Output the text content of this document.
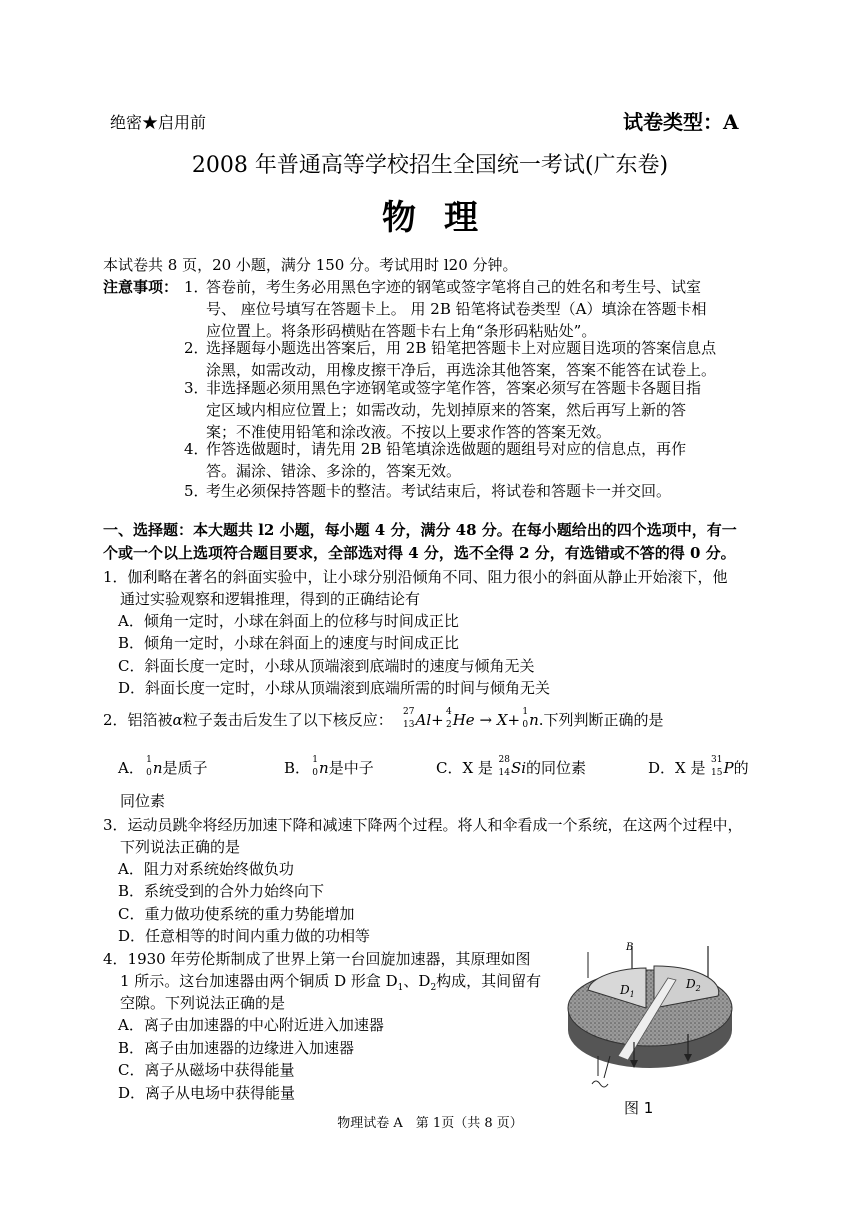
绝密★启用前	试卷类型：A
2008 年普通高等学校招生全国统一考试(广东卷)
物理
本试卷共 8 页，20 小题，满分 150 分。考试用时 l20 分钟。
注意事项： 1．答卷前，考生务必用黑色字迹的钢笔或签字笔将自己的姓名和考生号、试室
号、 座位号填写在答题卡上。 用 2B 铅笔将试卷类型（A）填涂在答题卡相
应位置上。将条形码横贴在答题卡右上角“条形码粘贴处”。
2．选择题每小题选出答案后，用 2B 铅笔把答题卡上对应题目选项的答案信息点
涂黑，如需改动，用橡皮擦干净后，再选涂其他答案，答案不能答在试卷上。
3．非选择题必须用黑色字迹钢笔或签字笔作答，答案必须写在答题卡各题目指
定区域内相应位置上；如需改动，先划掉原来的答案，然后再写上新的答
案；不准使用铅笔和涂改液。不按以上要求作答的答案无效。
4．作答选做题时，请先用 2B 铅笔填涂选做题的题组号对应的信息点，再作
答。漏涂、错涂、多涂的，答案无效。
5．考生必须保持答题卡的整洁。考试结束后，将试卷和答题卡一并交回。
一、选择题：本大题共 l2 小题，每小题 4 分，满分 48 分。在每小题给出的四个选项中，有一
个或一个以上选项符合题目要求，全部选对得 4 分，选不全得 2 分，有选错或不答的得 0 分。
1．伽利略在著名的斜面实验中，让小球分别沿倾角不同、阻力很小的斜面从静止开始滚下，他
通过实验观察和逻辑推理，得到的正确结论有
A．倾角一定时，小球在斜面上的位移与时间成正比
B．倾角一定时，小球在斜面上的速度与时间成正比
C．斜面长度一定时，小球从顶端滚到底端时的速度与倾角无关
D．斜面长度一定时，小球从顶端滚到底端所需的时间与倾角无关
2．铝箔被α粒子轰击后发生了以下核反应： 27
13 Al+ 4
2 He → X+ 1
0 n.下列判断正确的是
A． 1
0 n是质子	B． 1
0 n是中子	C．X 是 28
14 Si的同位素	D．X 是 31
15 P的
同位素
3．运动员跳伞将经历加速下降和减速下降两个过程。将人和伞看成一个系统，在这两个过程中，
下列说法正确的是
A．阻力对系统始终做负功
B．系统受到的合外力始终向下
C．重力做功使系统的重力势能增加
D．任意相等的时间内重力做的功相等
4．1930 年劳伦斯制成了世界上第一台回旋加速器，其原理如图
1 所示。这台加速器由两个铜质 D 形盒 $D_1$、$D_2$构成，其间留有
空隙。下列说法正确的是
A．离子由加速器的中心附近进入加速器
B．离子由加速器的边缘进入加速器
C．离子从磁场中获得能量
D．离子从电场中获得能量
B
$D_1$
$D_2$
图 1
物理试卷 A　第 1页（共 8 页）
